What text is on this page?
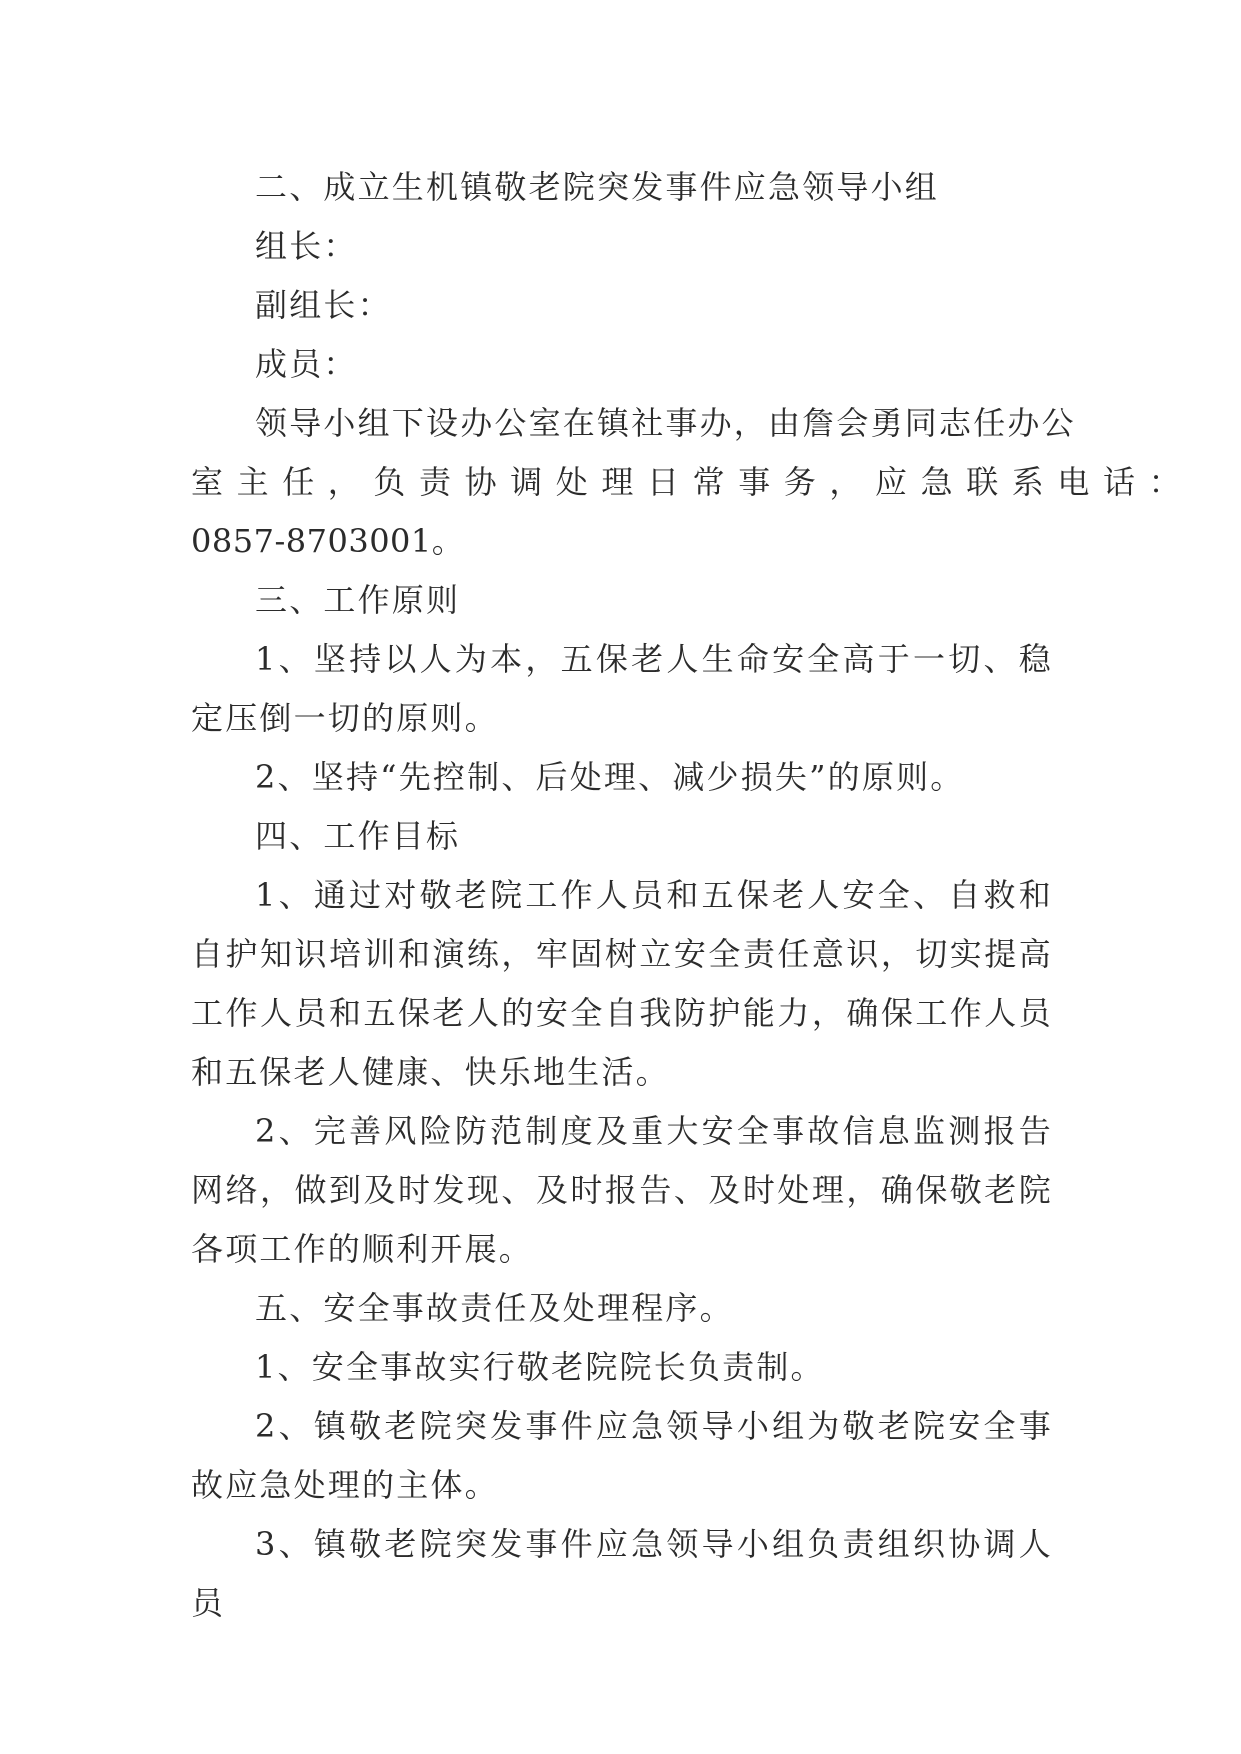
二、成立生机镇敬老院突发事件应急领导小组

组长：

副组长：

成员：

领导小组下设办公室在镇社事办，由詹会勇同志任办公
室主任，负责协调处理日常事务，应急联系电话：
0857-8703001。

三、工作原则

1、坚持以人为本，五保老人生命安全高于一切、稳定压倒一切的原则。

2、坚持“先控制、后处理、减少损失”的原则。

四、工作目标

1、通过对敬老院工作人员和五保老人安全、自救和自护知识培训和演练，牢固树立安全责任意识，切实提高工作人员和五保老人的安全自我防护能力，确保工作人员和五保老人健康、快乐地生活。

2、完善风险防范制度及重大安全事故信息监测报告网络，做到及时发现、及时报告、及时处理，确保敬老院各项工作的顺利开展。

五、安全事故责任及处理程序。

1、安全事故实行敬老院院长负责制。

2、镇敬老院突发事件应急领导小组为敬老院安全事故应急处理的主体。

3、镇敬老院突发事件应急领导小组负责组织协调人员
